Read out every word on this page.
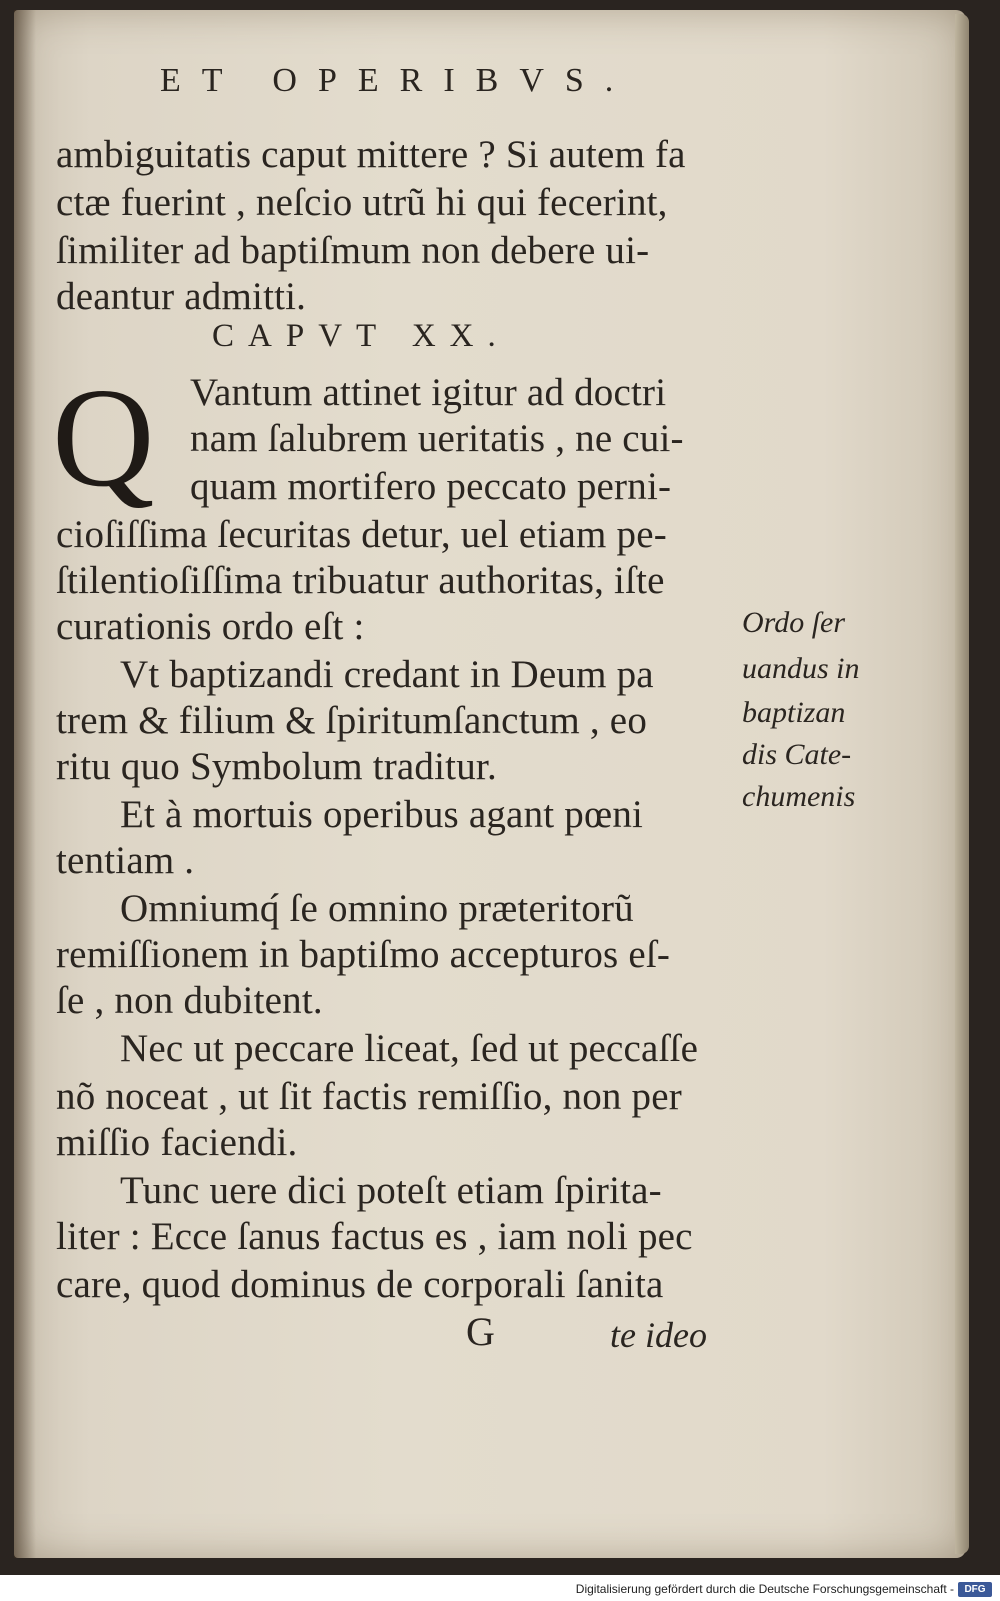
ET OPERIBVS.
ambiguitatis caput mittere ? Si autem fa
ctæ fuerint , neſcio utrũ hi qui fecerint,
ſimiliter ad baptiſmum non debere ui-
deantur admitti.
CAPVT XX.
Q Vantum attinet igitur ad doctri
nam ſalubrem ueritatis , ne cui-
quam mortifero peccato perni-
cioſiſſima ſecuritas detur, uel etiam pe-
ſtilentioſiſſima tribuatur authoritas, iſte
curationis ordo eſt :
Vt baptizandi credant in Deum pa
trem & filium & ſpiritumſanctum , eo
ritu quo Symbolum traditur.
Et à mortuis operibus agant pœni
tentiam .
Omniumq́ ſe omnino præteritorũ
remiſſionem in baptiſmo accepturos eſ-
ſe , non dubitent.
Nec ut peccare liceat, ſed ut peccaſſe
nõ noceat , ut ſit factis remiſſio, non per
miſſio faciendi.
Tunc uere dici poteſt etiam ſpirita-
liter : Ecce ſanus factus es , iam noli pec
care, quod dominus de corporali ſanita
Ordo ſer
uandus in
baptizan
dis Cate-
chumenis
G	te ideo
Digitalisierung gefördert durch die Deutsche Forschungsgemeinschaft -	DFG
